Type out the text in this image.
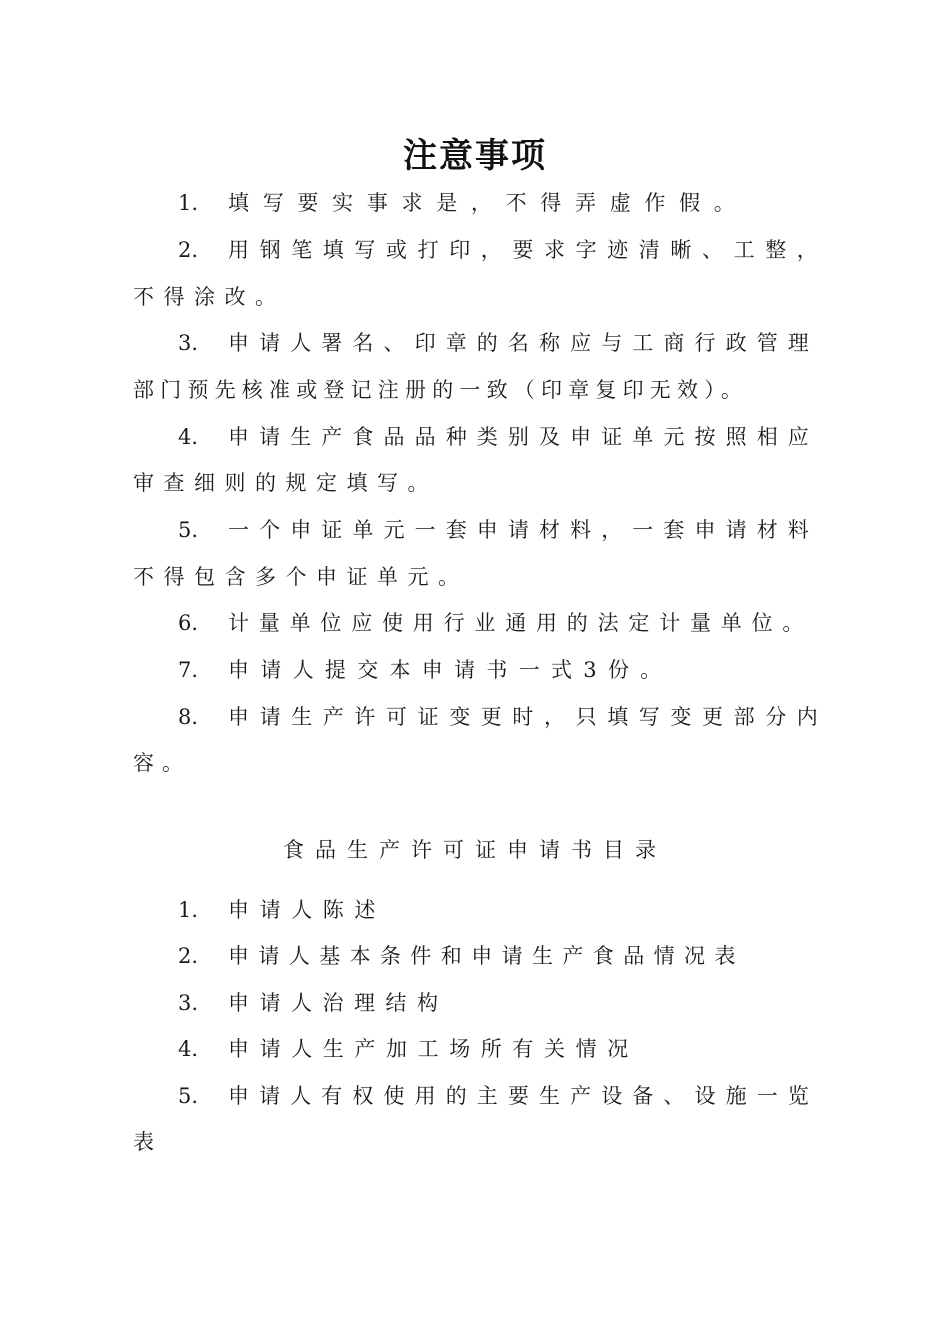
注意事项
1.	填写要实事求是，不得弄虚作假。
2.	用钢笔填写或打印，要求字迹清晰、工整，
不得涂改。
3.	申请人署名、印章的名称应与工商行政管理
部门预先核准或登记注册的一致（印章复印无效）。
4.	申请生产食品品种类别及申证单元按照相应
审查细则的规定填写。
5.	一个申证单元一套申请材料，一套申请材料
不得包含多个申证单元。
6.	计量单位应使用行业通用的法定计量单位。
7.	申请人提交本申请书一式3份。
8.	申请生产许可证变更时，只填写变更部分内
容。
食品生产许可证申请书目录
1.	申请人陈述
2.	申请人基本条件和申请生产食品情况表
3.	申请人治理结构
4.	申请人生产加工场所有关情况
5.	申请人有权使用的主要生产设备、设施一览
表
